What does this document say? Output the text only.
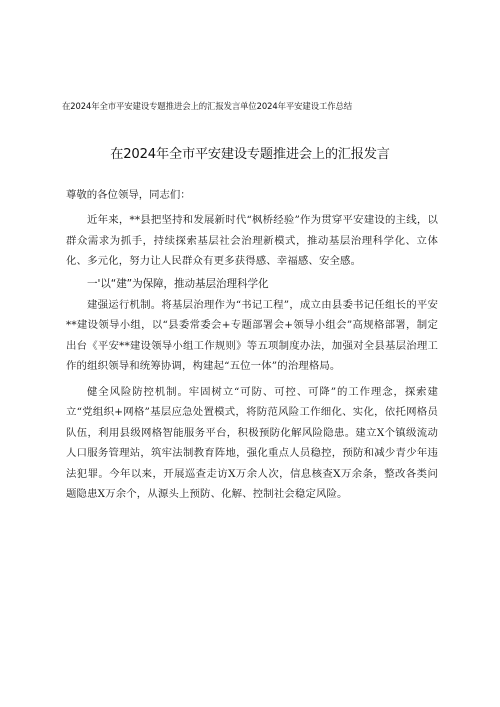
在2024年全市平安建设专题推进会上的汇报发言单位2024年平安建设工作总结
在2024年全市平安建设专题推进会上的汇报发言

尊敬的各位领导，同志们：

近年来，**县把坚持和发展新时代“枫桥经验”作为贯穿平安建设的主线，以群众需求为抓手，持续探索基层社会治理新模式，推动基层治理科学化、立体化、多元化，努力让人民群众有更多获得感、幸福感、安全感。

一'以“建”为保障，推动基层治理科学化

建强运行机制。将基层治理作为“书记工程”，成立由县委书记任组长的平安**建设领导小组，以“县委常委会+专题部署会+领导小组会”高规格部署，制定出台《平安**建设领导小组工作规则》等五项制度办法，加强对全县基层治理工作的组织领导和统筹协调，构建起“五位一体”的治理格局。

健全风险防控机制。牢固树立“可防、可控、可降”的工作理念，探索建立“党组织+网格”基层应急处置模式，将防范风险工作细化、实化，依托网格员队伍，利用县级网格智能服务平台，积极预防化解风险隐患。建立X个镇级流动人口服务管理站，筑牢法制教育阵地，强化重点人员稳控，预防和减少青少年违法犯罪。今年以来，开展巡查走访X万余人次，信息核查X万余条，整改各类问题隐患X万余个，从源头上预防、化解、控制社会稳定风险。
